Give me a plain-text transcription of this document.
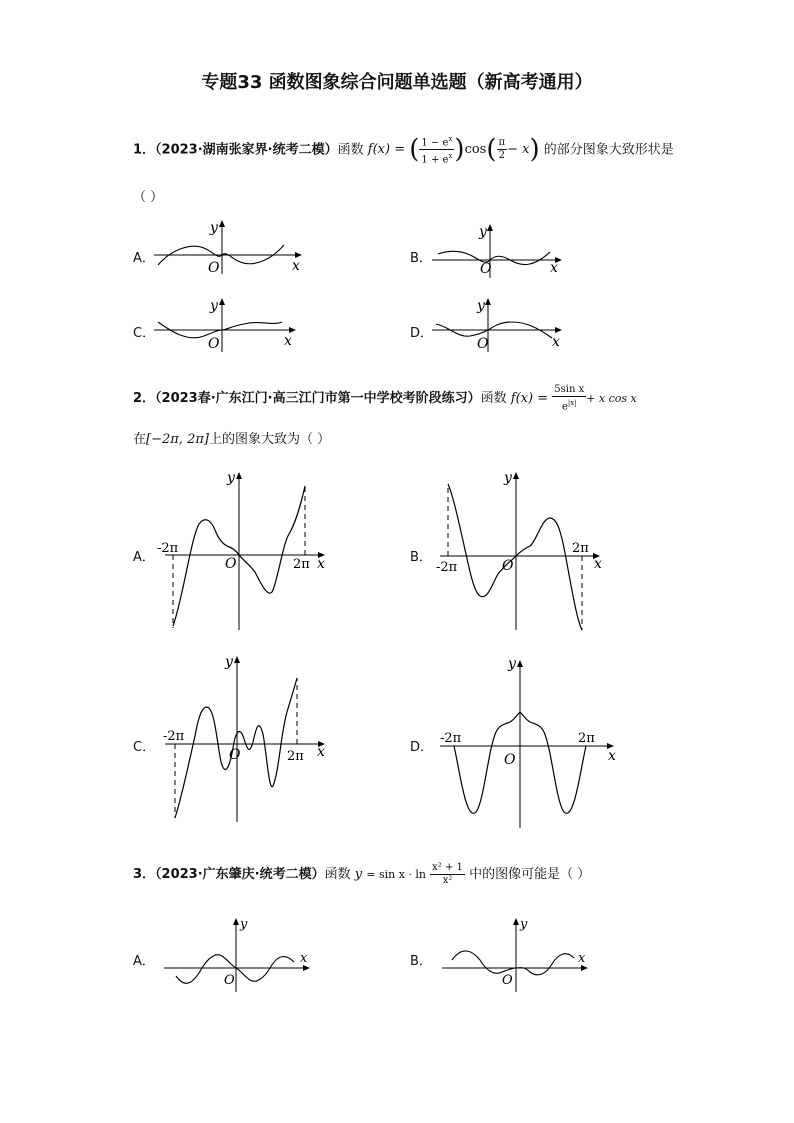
专题33 函数图象综合问题单选题（新高考通用）
1．（2023·湖南张家界·统考二模）函数 f(x) = ( $\frac{1 - e^x}{1 + e^x} )\cos( \frac{\pi}{2} - x)$ 的部分图象大致形状是
（ ）
A．	x
y
O
B．
x
y
O
C．	x
y
O
D．
x
y
O
2．（2023春·广东江门·高三江门市第一中学校考阶段练习）函数 $f(x) = \frac{\text{5sin x}}{e^{|x|}} + x$ cos x
在[−2π, 2π]上的图象大致为（ ）
A．
-2π
2π x
y
O	B．
-2π
2π
x
y
O
C．
-2π
2π x
y
O	D．
-2π	2π
x
y
O
3．（2023·广东肇庆·统考二模）函数 $y = \sin x \cdot \ln \frac{\text{x² + 1}}{\text{x²}}$ 中的图像可能是（ ）
A．	x
y
O
B．	x
y
O
